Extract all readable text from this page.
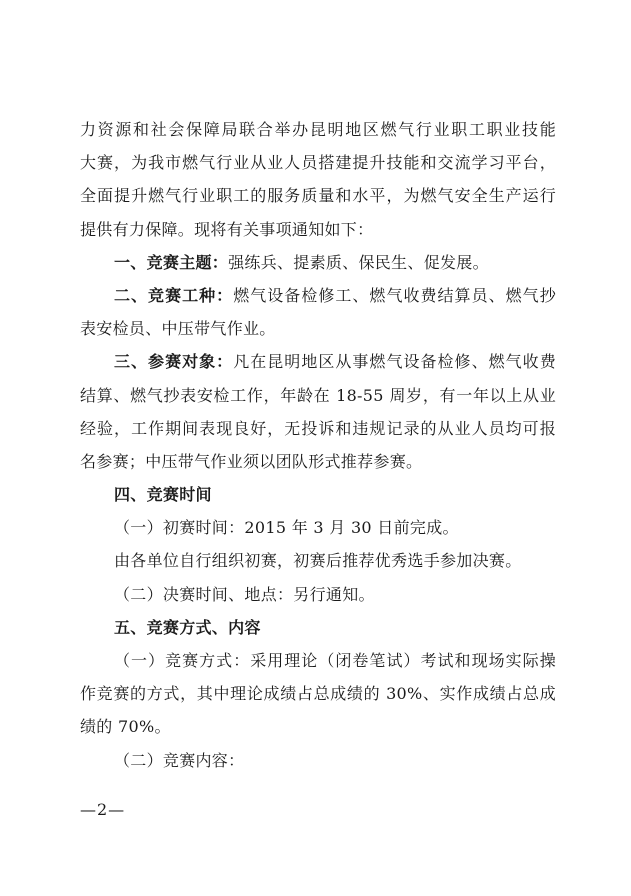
力资源和社会保障局联合举办昆明地区燃气行业职工职业技能
大赛，为我市燃气行业从业人员搭建提升技能和交流学习平台，
全面提升燃气行业职工的服务质量和水平，为燃气安全生产运行
提供有力保障。现将有关事项通知如下：
一、竞赛主题：强练兵、提素质、保民生、促发展。
二、竞赛工种：燃气设备检修工、燃气收费结算员、燃气抄
表安检员、中压带气作业。
三、参赛对象：凡在昆明地区从事燃气设备检修、燃气收费
结算、燃气抄表安检工作，年龄在 18-55 周岁，有一年以上从业
经验，工作期间表现良好，无投诉和违规记录的从业人员均可报
名参赛；中压带气作业须以团队形式推荐参赛。
四、竞赛时间
（一）初赛时间：2015 年 3 月 30 日前完成。
由各单位自行组织初赛，初赛后推荐优秀选手参加决赛。
（二）决赛时间、地点：另行通知。
五、竞赛方式、内容
（一）竞赛方式：采用理论（闭卷笔试）考试和现场实际操
作竞赛的方式，其中理论成绩占总成绩的 30%、实作成绩占总成
绩的 70%。
（二）竞赛内容：
—2—
